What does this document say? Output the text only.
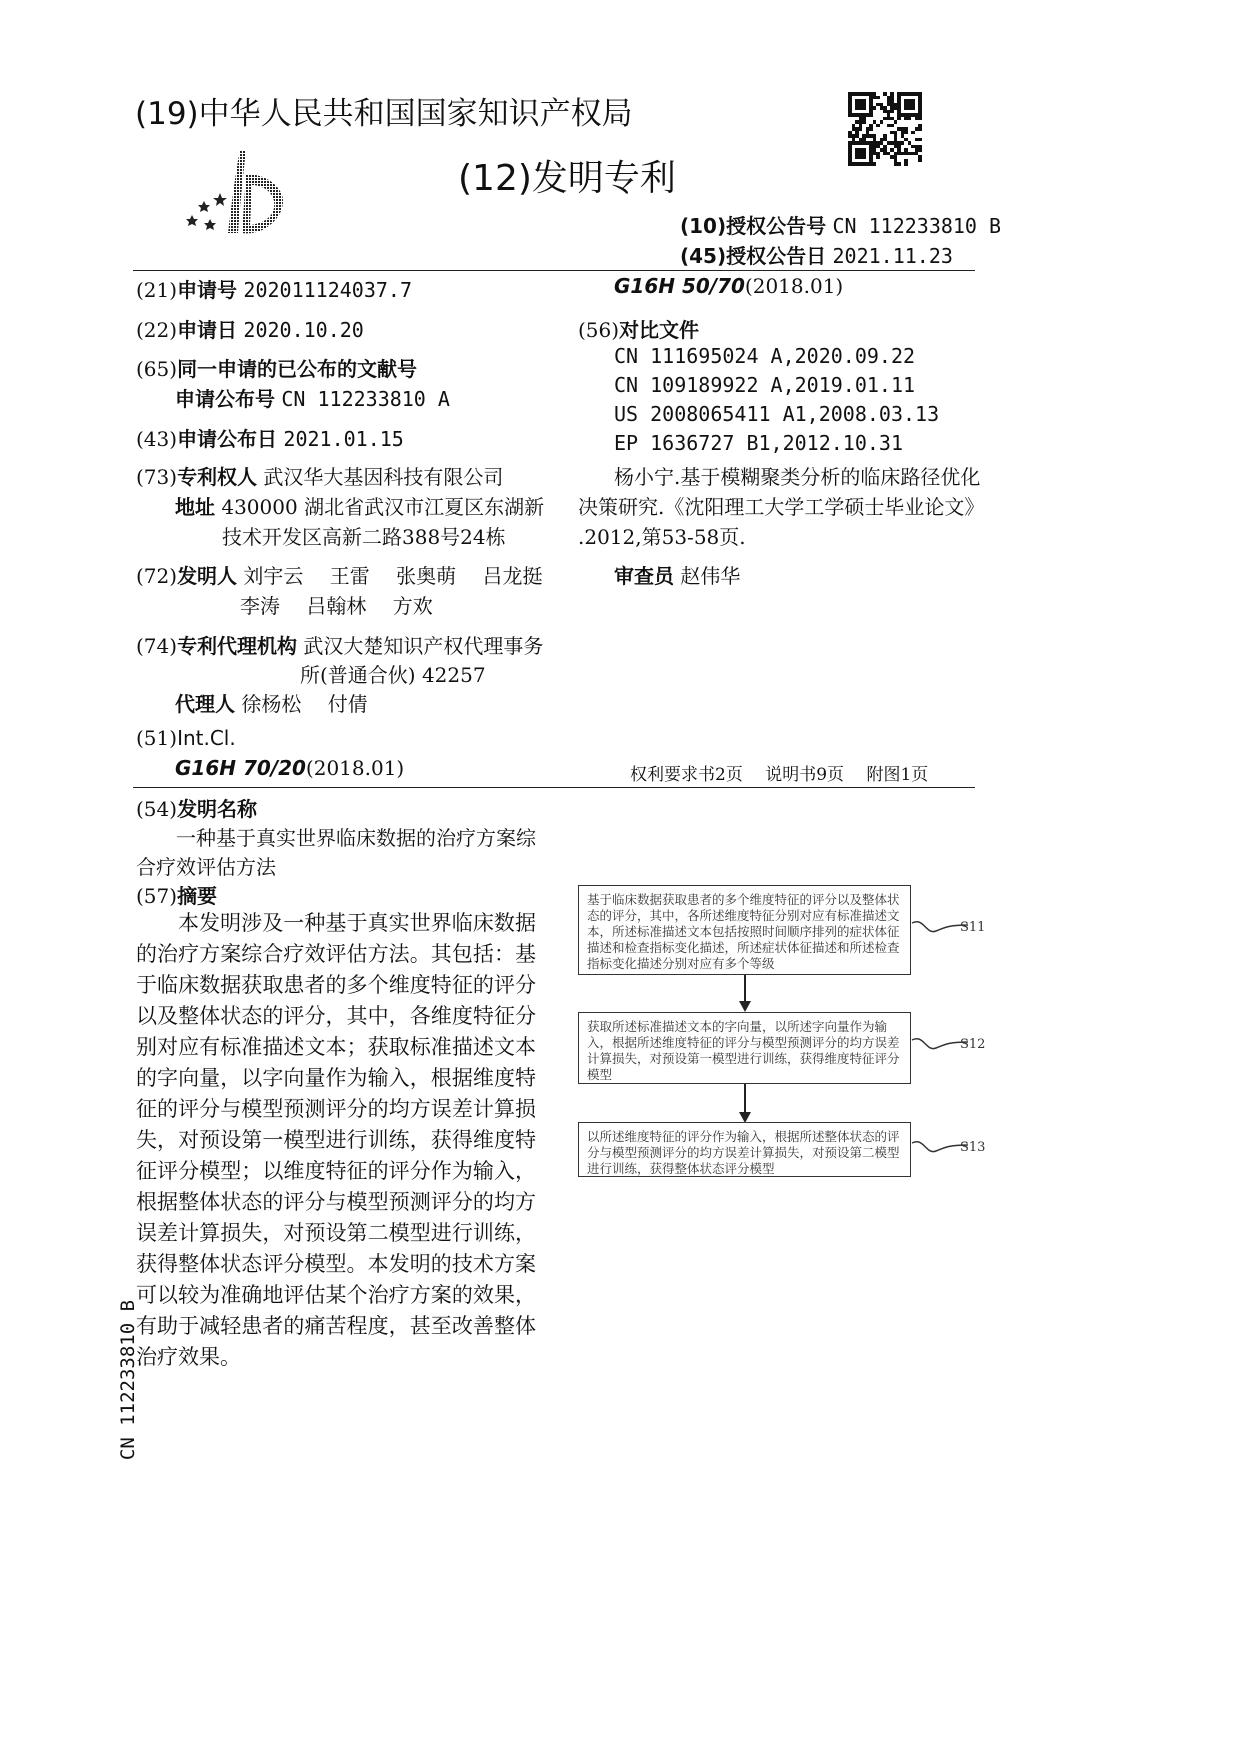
(19)中华人民共和国国家知识产权局
(12)发明专利
(10)授权公告号 CN 112233810 B
(45)授权公告日 2021.11.23
(21)申请号 202011124037.7
(22)申请日 2020.10.20
(65)同一申请的已公布的文献号
申请公布号 CN 112233810 A
(43)申请公布日 2021.01.15
(73)专利权人 武汉华大基因科技有限公司
地址 430000 湖北省武汉市江夏区东湖新
技术开发区高新二路388号24栋
(72)发明人 刘宇云　 王雷　 张奥萌　 吕龙挺
李涛　 吕翰林　 方欢
(74)专利代理机构 武汉大楚知识产权代理事务
所(普通合伙) 42257
代理人 徐杨松　 付倩
(51)Int.Cl.
G16H 70/20(2018.01)
G16H 50/70(2018.01)
(56)对比文件
CN 111695024 A,2020.09.22
CN 109189922 A,2019.01.11
US 2008065411 A1,2008.03.13
EP 1636727 B1,2012.10.31
杨小宁.基于模糊聚类分析的临床路径优化
决策研究.《沈阳理工大学工学硕士毕业论文》
.2012,第53-58页.
审查员 赵伟华
权利要求书2页　 说明书9页　 附图1页
(54)发明名称
一种基于真实世界临床数据的治疗方案综合疗效评估方法
(57)摘要
本发明涉及一种基于真实世界临床数据的治疗方案综合疗效评估方法。其包括：基于临床数据获取患者的多个维度特征的评分以及整体状态的评分，其中，各维度特征分别对应有标准描述文本；获取标准描述文本的字向量，以字向量作为输入，根据维度特征的评分与模型预测评分的均方误差计算损失，对预设第一模型进行训练，获得维度特征评分模型；以维度特征的评分作为输入，根据整体状态的评分与模型预测评分的均方误差计算损失，对预设第二模型进行训练，获得整体状态评分模型。本发明的技术方案可以较为准确地评估某个治疗方案的效果，有助于减轻患者的痛苦程度，甚至改善整体治疗效果。
基于临床数据获取患者的多个维度特征的评分以及整体状态的评分，其中，各所述维度特征分别对应有标准描述文本，所述标准描述文本包括按照时间顺序排列的症状体征描述和检查指标变化描述，所述症状体征描述和所述检查指标变化描述分别对应有多个等级
S11
获取所述标准描述文本的字向量，以所述字向量作为输入，根据所述维度特征的评分与模型预测评分的均方误差计算损失，对预设第一模型进行训练，获得维度特征评分模型
S12
以所述维度特征的评分作为输入，根据所述整体状态的评分与模型预测评分的均方误差计算损失，对预设第二模型进行训练，获得整体状态评分模型
S13
CN 112233810 B
